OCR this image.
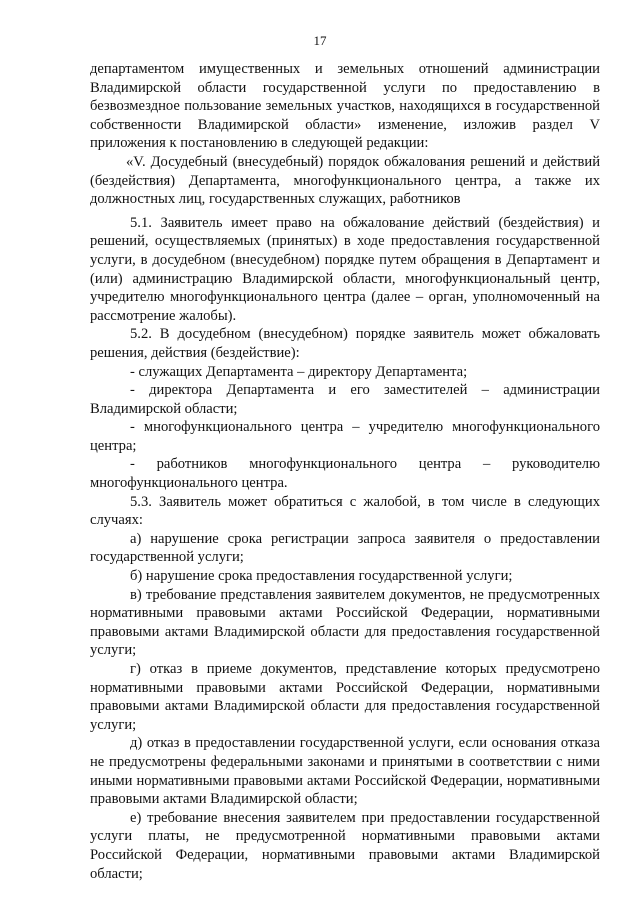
17

департаментом имущественных и земельных отношений администрации Владимирской области государственной услуги по предоставлению в безвозмездное пользование земельных участков, находящихся в государственной собственности Владимирской области» изменение, изложив раздел V приложения к постановлению в следующей редакции:

«V. Досудебный (внесудебный) порядок обжалования решений и действий (бездействия) Департамента, многофункционального центра, а также их должностных лиц, государственных служащих, работников

5.1. Заявитель имеет право на обжалование действий (бездействия) и решений, осуществляемых (принятых) в ходе предоставления государственной услуги, в досудебном (внесудебном) порядке путем обращения в Департамент и (или) администрацию Владимирской области, многофункциональный центр, учредителю многофункционального центра (далее – орган, уполномоченный на рассмотрение жалобы).

5.2. В досудебном (внесудебном) порядке заявитель может обжаловать решения, действия (бездействие):

- служащих Департамента – директору Департамента;

- директора Департамента и его заместителей – администрации Владимирской области;

- многофункционального центра – учредителю многофункционального центра;

- работников многофункционального центра – руководителю многофункционального центра.

5.3. Заявитель может обратиться с жалобой, в том числе в следующих случаях:

а) нарушение срока регистрации запроса заявителя о предоставлении государственной услуги;

б) нарушение срока предоставления государственной услуги;

в) требование представления заявителем документов, не предусмотренных нормативными правовыми актами Российской Федерации, нормативными правовыми актами Владимирской области для предоставления государственной услуги;

г) отказ в приеме документов, представление которых предусмотрено нормативными правовыми актами Российской Федерации, нормативными правовыми актами Владимирской области для предоставления государственной услуги;

д) отказ в предоставлении государственной услуги, если основания отказа не предусмотрены федеральными законами и принятыми в соответствии с ними иными нормативными правовыми актами Российской Федерации, нормативными правовыми актами Владимирской области;

е) требование внесения заявителем при предоставлении государственной услуги платы, не предусмотренной нормативными правовыми актами Российской Федерации, нормативными правовыми актами Владимирской области;
